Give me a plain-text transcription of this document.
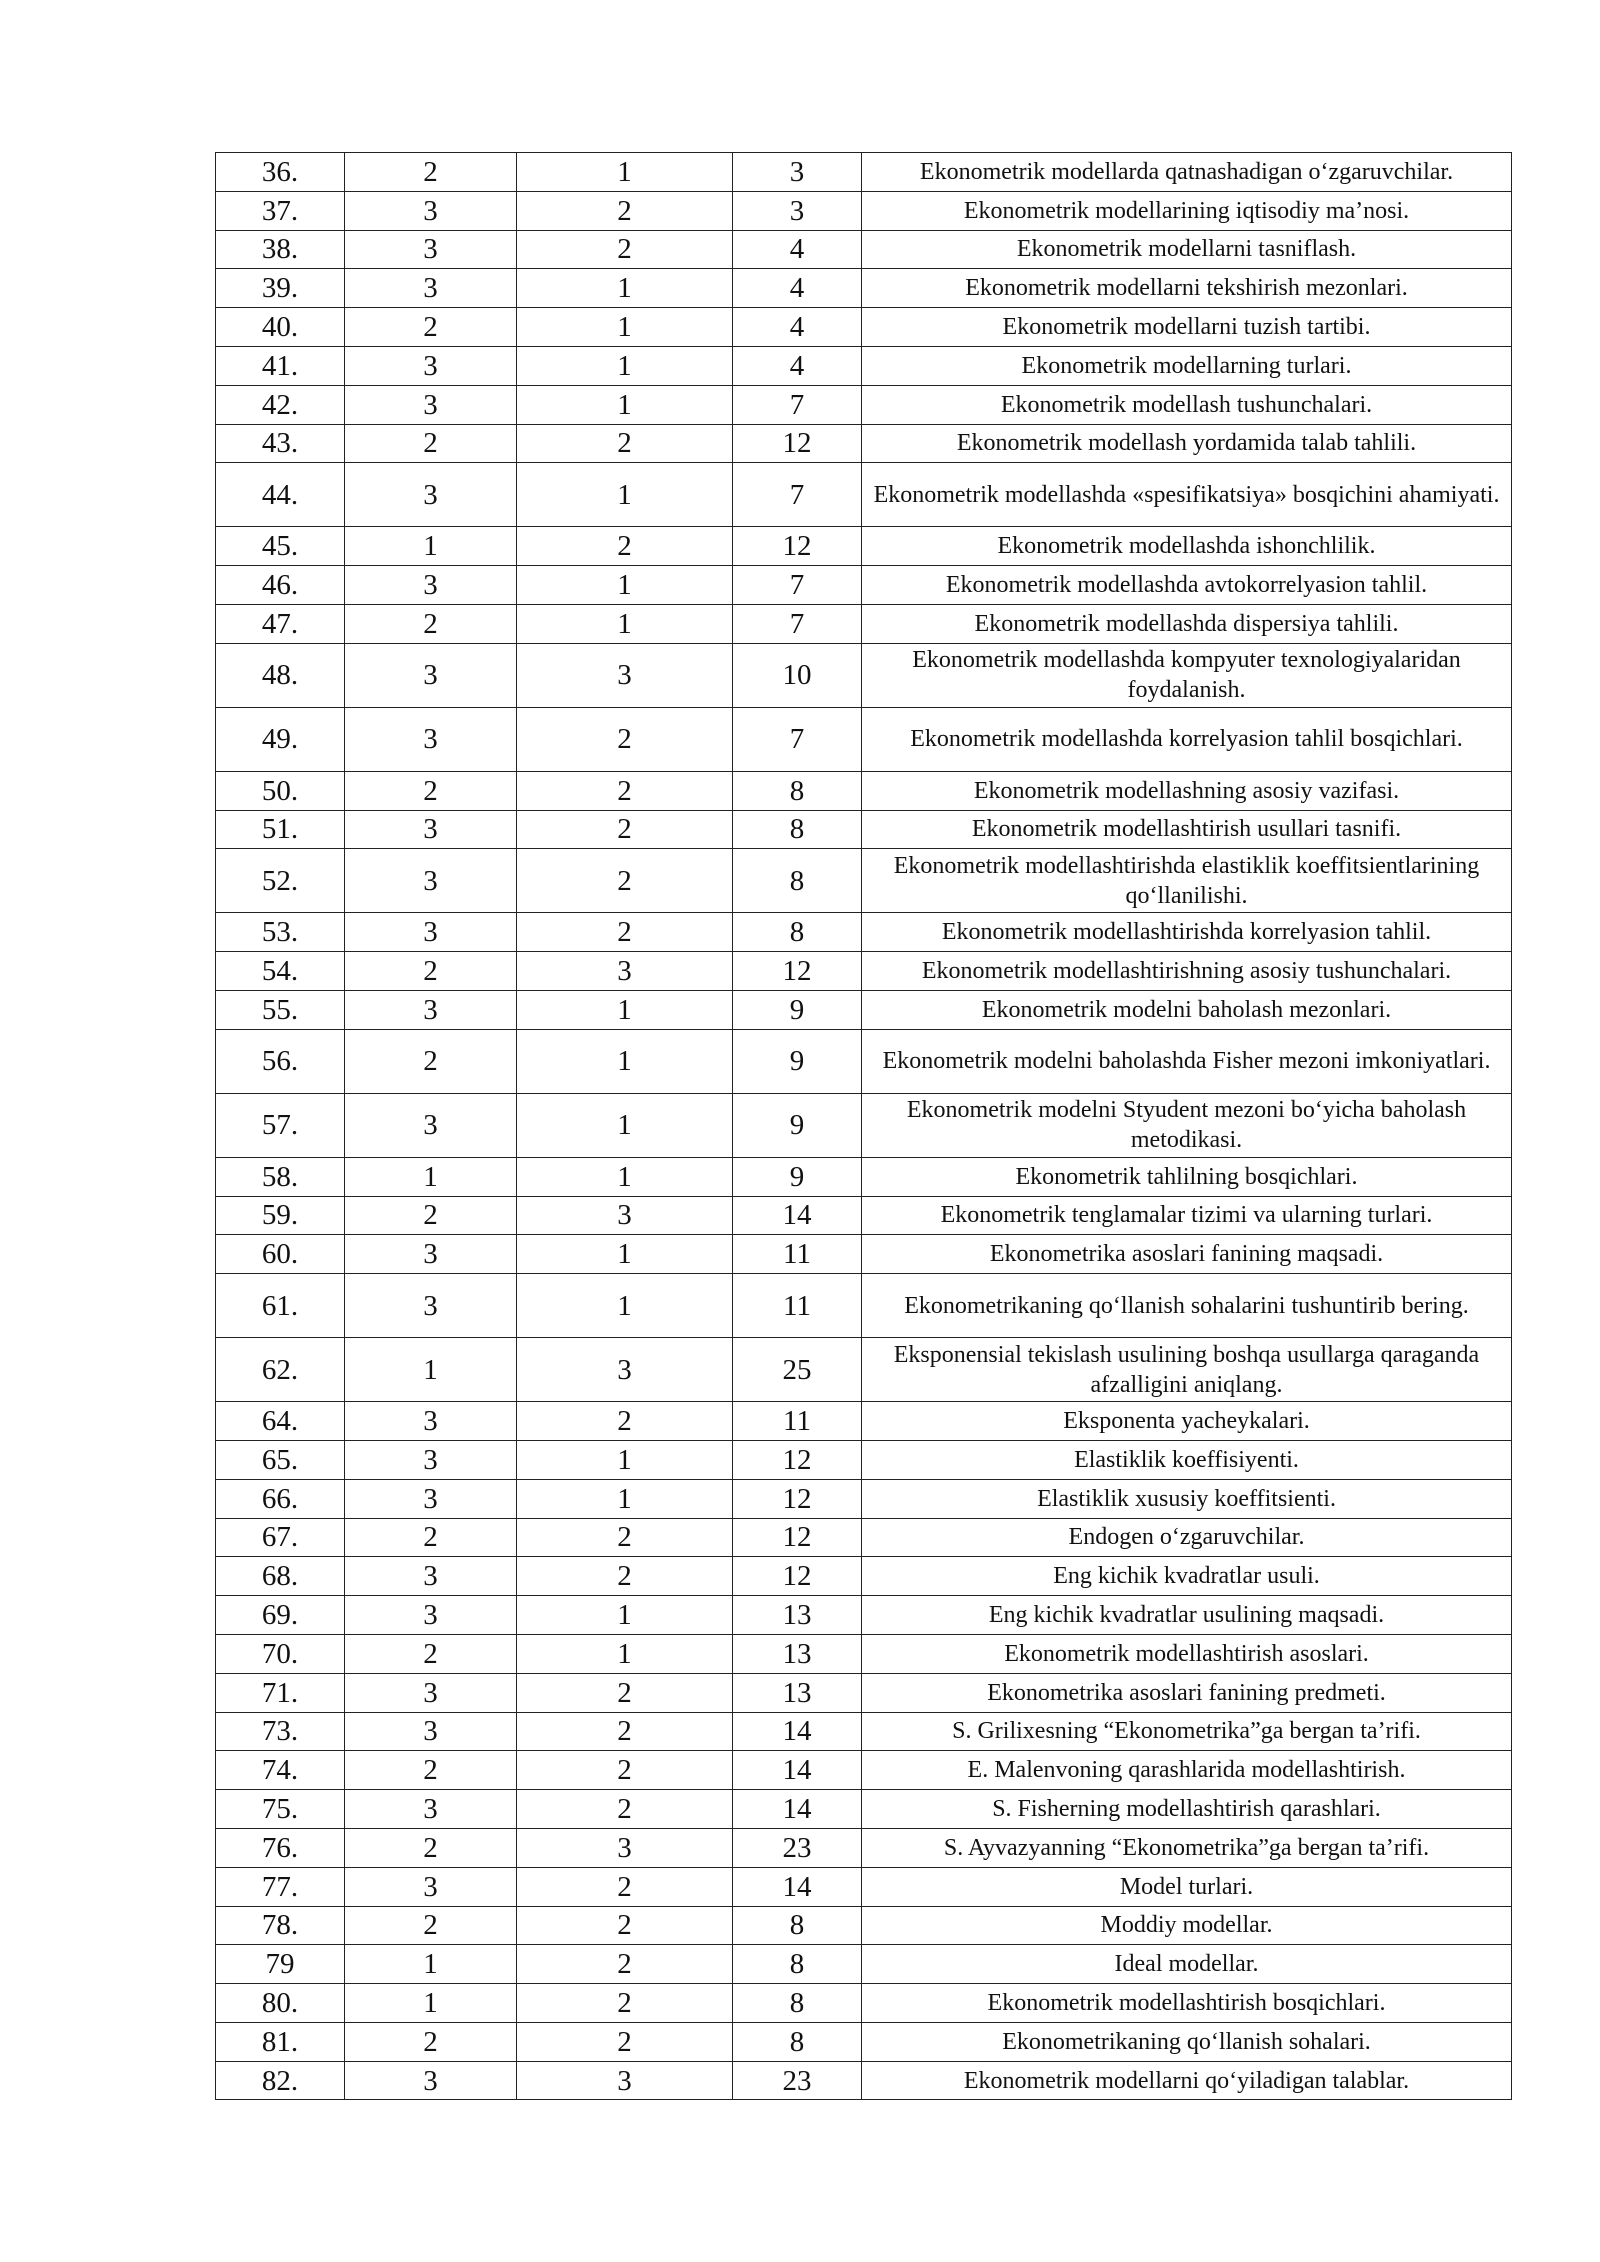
36.	2	1	3	Ekonometrik modellarda qatnashadigan o‘zgaruvchilar.
37.	3	2	3	Ekonometrik modellarining iqtisodiy ma’nosi.
38.	3	2	4	Ekonometrik modellarni tasniflash.
39.	3	1	4	Ekonometrik modellarni tekshirish mezonlari.
40.	2	1	4	Ekonometrik modellarni tuzish tartibi.
41.	3	1	4	Ekonometrik modellarning turlari.
42.	3	1	7	Ekonometrik modellash tushunchalari.
43.	2	2	12	Ekonometrik modellash yordamida talab tahlili.
44.	3	1	7	Ekonometrik modellashda «spesifikatsiya» bosqichini ahamiyati.
45.	1	2	12	Ekonometrik modellashda ishonchlilik.
46.	3	1	7	Ekonometrik modellashda avtokorrelyasion tahlil.
47.	2	1	7	Ekonometrik modellashda dispersiya tahlili.
48.	3	3	10	Ekonometrik modellashda kompyuter texnologiyalaridan foydalanish.
49.	3	2	7	Ekonometrik modellashda korrelyasion tahlil bosqichlari.
50.	2	2	8	Ekonometrik modellashning asosiy vazifasi.
51.	3	2	8	Ekonometrik modellashtirish usullari tasnifi.
52.	3	2	8	Ekonometrik modellashtirishda elastiklik koeffitsientlarining qo‘llanilishi.
53.	3	2	8	Ekonometrik modellashtirishda korrelyasion tahlil.
54.	2	3	12	Ekonometrik modellashtirishning asosiy tushunchalari.
55.	3	1	9	Ekonometrik modelni baholash mezonlari.
56.	2	1	9	Ekonometrik modelni baholashda Fisher mezoni imkoniyatlari.
57.	3	1	9	Ekonometrik modelni Styudent mezoni bo‘yicha baholash metodikasi.
58.	1	1	9	Ekonometrik tahlilning bosqichlari.
59.	2	3	14	Ekonometrik tenglamalar tizimi va ularning turlari.
60.	3	1	11	Ekonometrika asoslari fanining maqsadi.
61.	3	1	11	Ekonometrikaning qo‘llanish sohalarini tushuntirib bering.
62.	1	3	25	Eksponensial tekislash usulining boshqa usullarga qaraganda afzalligini aniqlang.
64.	3	2	11	Eksponenta yacheykalari.
65.	3	1	12	Elastiklik koeffisiyenti.
66.	3	1	12	Elastiklik xususiy koeffitsienti.
67.	2	2	12	Endogen o‘zgaruvchilar.
68.	3	2	12	Eng kichik kvadratlar usuli.
69.	3	1	13	Eng kichik kvadratlar usulining maqsadi.
70.	2	1	13	Ekonometrik modellashtirish asoslari.
71.	3	2	13	Ekonometrika asoslari fanining predmeti.
73.	3	2	14	S. Grilixesning “Ekonometrika”ga bergan ta’rifi.
74.	2	2	14	E. Malenvoning qarashlarida modellashtirish.
75.	3	2	14	S. Fisherning modellashtirish qarashlari.
76.	2	3	23	S. Ayvazyanning “Ekonometrika”ga bergan ta’rifi.
77.	3	2	14	Model turlari.
78.	2	2	8	Moddiy modellar.
79	1	2	8	Ideal modellar.
80.	1	2	8	Ekonometrik modellashtirish bosqichlari.
81.	2	2	8	Ekonometrikaning qo‘llanish sohalari.
82.	3	3	23	Ekonometrik modellarni qo‘yiladigan talablar.
